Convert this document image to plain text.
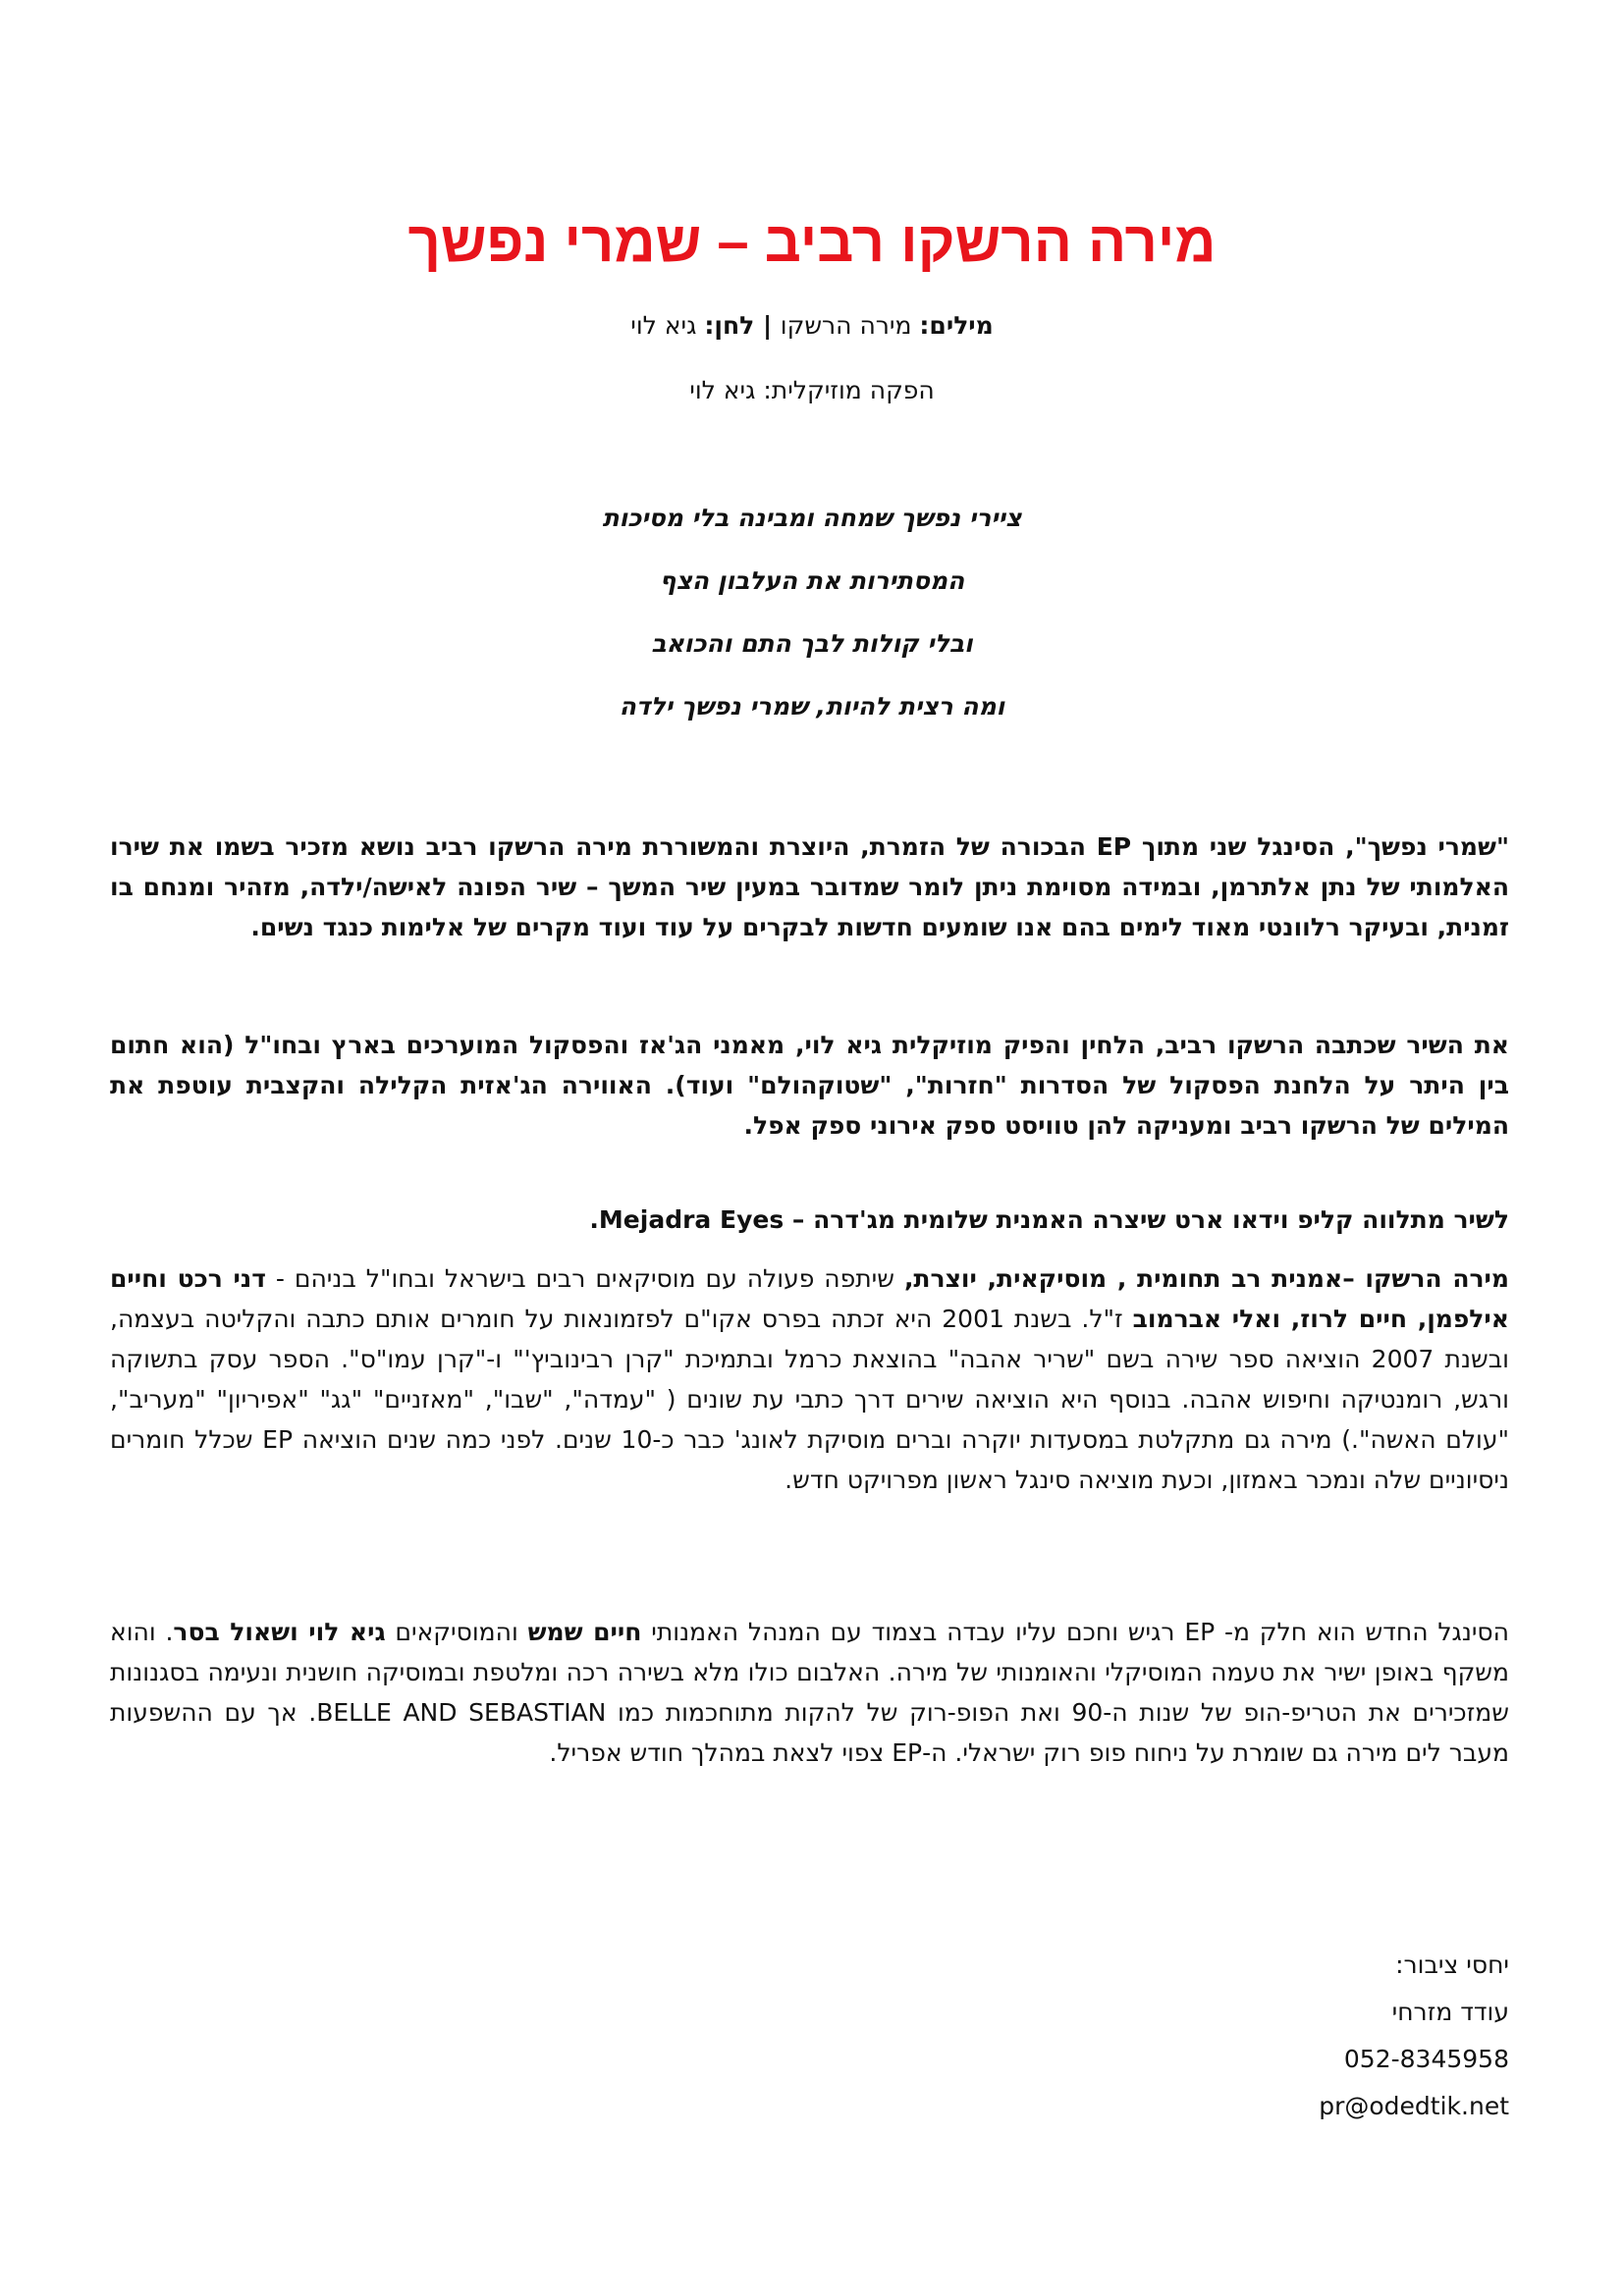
מירה הרשקו רביב – שמרי נפשך

מילים: מירה הרשקו | לחן: גיא לוי

הפקה מוזיקלית: גיא לוי

ציירי נפשך שמחה ומבינה בלי מסיכות
המסתירות את העלבון הצף
ובלי קולות לבך התם והכואב
ומה רצית להיות, שמרי נפשך ילדה

"שמרי נפשך", הסינגל שני מתוך EP הבכורה של הזמרת, היוצרת והמשוררת מירה הרשקו רביב נושא מזכיר בשמו את שירו האלמותי של נתן אלתרמן, ובמידה מסוימת ניתן לומר שמדובר במעין שיר המשך – שיר הפונה לאישה/ילדה, מזהיר ומנחם בו זמנית, ובעיקר רלוונטי מאוד לימים בהם אנו שומעים חדשות לבקרים על עוד ועוד מקרים של אלימות כנגד נשים.

את השיר שכתבה הרשקו רביב, הלחין והפיק מוזיקלית גיא לוי, מאמני הג'אז והפסקול המוערכים בארץ ובחו"ל (הוא חתום בין היתר על הלחנת הפסקול של הסדרות "חזרות", "שטוקהולם" ועוד). האווירה הג'אזית הקלילה והקצבית עוטפת את המילים של הרשקו רביב ומעניקה להן טוויסט ספק אירוני ספק אפל.

לשיר מתלווה קליפ וידאו ארט שיצרה האמנית שלומית מג'דרה – Mejadra Eyes.

מירה הרשקו –אמנית רב תחומית , מוסיקאית, יוצרת, שיתפה פעולה עם מוסיקאים רבים בישראל ובחו"ל בניהם - דני רכט וחיים אילפמן, חיים לרוז, ואלי אברמוב ז"ל. בשנת 2001 היא זכתה בפרס אקו"ם לפזמונאות על חומרים אותם כתבה והקליטה בעצמה, ובשנת 2007 הוציאה ספר שירה בשם "שריר אהבה" בהוצאת כרמל ובתמיכת "קרן רבינוביץ'" ו-"קרן עמו"ס". הספר עסק בתשוקה ורגש, רומנטיקה וחיפוש אהבה. בנוסף היא הוציאה שירים דרך כתבי עת שונים ( "עמדה", "שבו", "מאזניים" "גג" "אפיריון" "מעריב", "עולם האשה".) מירה גם מתקלטת במסעדות יוקרה וברים מוסיקת לאונג' כבר כ-10 שנים. לפני כמה שנים הוציאה EP שכלל חומרים ניסיוניים שלה ונמכר באמזון, וכעת מוציאה סינגל ראשון מפרויקט חדש.

הסינגל החדש הוא חלק מ- EP רגיש וחכם עליו עבדה בצמוד עם המנהל האמנותי חיים שמש והמוסיקאים גיא לוי ושאול בסר. והוא משקף באופן ישיר את טעמה המוסיקלי והאומנותי של מירה. האלבום כולו מלא בשירה רכה ומלטפת ובמוסיקה חושנית ונעימה בסגנונות שמזכירים את הטריפ-הופ של שנות ה-90 ואת הפופ-רוק של להקות מתוחכמות כמו BELLE AND SEBASTIAN. אך עם ההשפעות מעבר לים מירה גם שומרת על ניחוח פופ רוק ישראלי. ה-EP צפוי לצאת במהלך חודש אפריל.

יחסי ציבור:
עודד מזרחי
052-8345958
pr@odedtik.net
